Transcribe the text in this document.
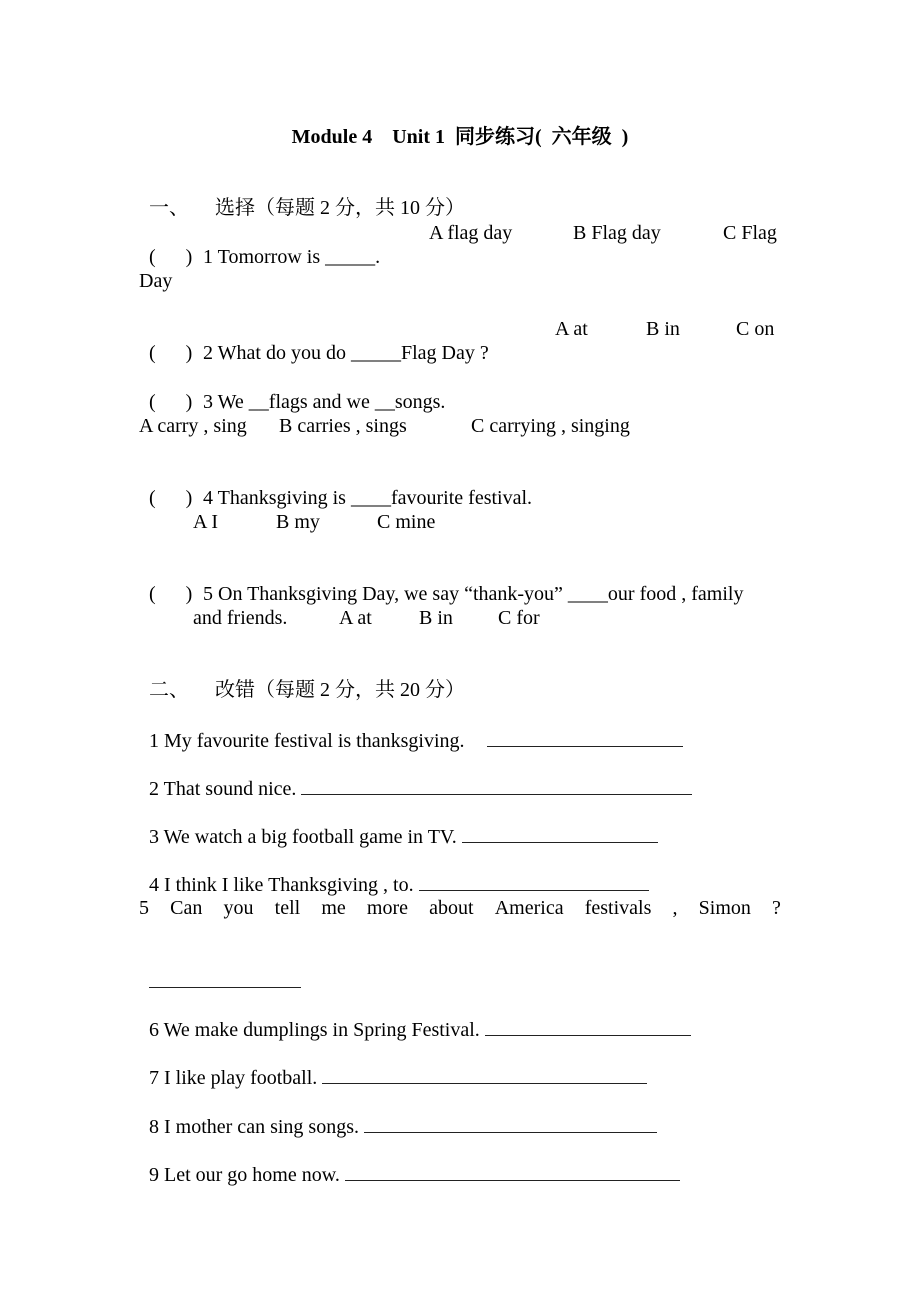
Module 4    Unit 1  同步练习(  六年级  )

一、 选择（每题 2 分，共 10 分）

(      ) 1 Tomorrow is _____.

A flag day

	B Flag day

	C Flag

Day

(      ) 2 What do you do _____Flag Day ?

A at

	B in

	C on

(      ) 3 We __flags and we __songs.

A carry , sing

B carries , sings

	C carrying , singing

(      ) 4 Thanksgiving is ____favourite festival.

A I

	B my

	C mine

(      ) 5 On Thanksgiving Day, we say “thank-you” ____our food , family

and friends.

	A at

B in

C for

二、 改错（每题 2 分，共 20 分）

1 My favourite festival is thanksgiving.

2 That sound nice.

3 We watch a big football game in TV.

4 I think I like Thanksgiving , to.

5 Can you tell me more about America festivals , Simon ?

6 We make dumplings in Spring Festival.

7 I like play football.

8 I mother can sing songs.

9 Let our go home now.
